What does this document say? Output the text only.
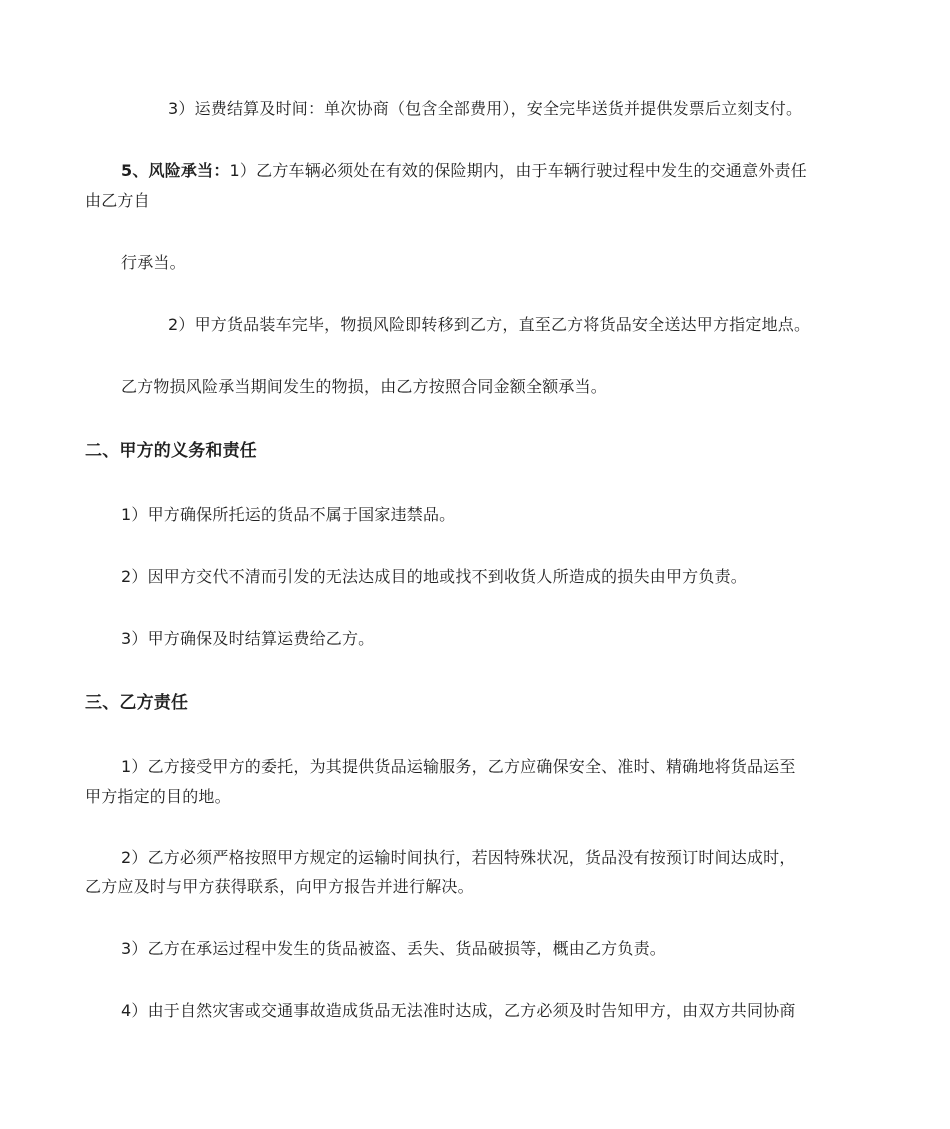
3）运费结算及时间：单次协商（包含全部费用），安全完毕送货并提供发票后立刻支付。
5、风险承当：1）乙方车辆必须处在有效的保险期内，由于车辆行驶过程中发生的交通意外责任
由乙方自
行承当。
2）甲方货品装车完毕，物损风险即转移到乙方，直至乙方将货品安全送达甲方指定地点。
乙方物损风险承当期间发生的物损，由乙方按照合同金额全额承当。
二、甲方的义务和责任
1）甲方确保所托运的货品不属于国家违禁品。
2）因甲方交代不清而引发的无法达成目的地或找不到收货人所造成的损失由甲方负责。
3）甲方确保及时结算运费给乙方。
三、乙方责任
1）乙方接受甲方的委托，为其提供货品运输服务，乙方应确保安全、准时、精确地将货品运至
甲方指定的目的地。
2）乙方必须严格按照甲方规定的运输时间执行，若因特殊状况，货品没有按预订时间达成时，
乙方应及时与甲方获得联系，向甲方报告并进行解决。
3）乙方在承运过程中发生的货品被盗、丢失、货品破损等，概由乙方负责。
4）由于自然灾害或交通事故造成货品无法准时达成，乙方必须及时告知甲方，由双方共同协商
